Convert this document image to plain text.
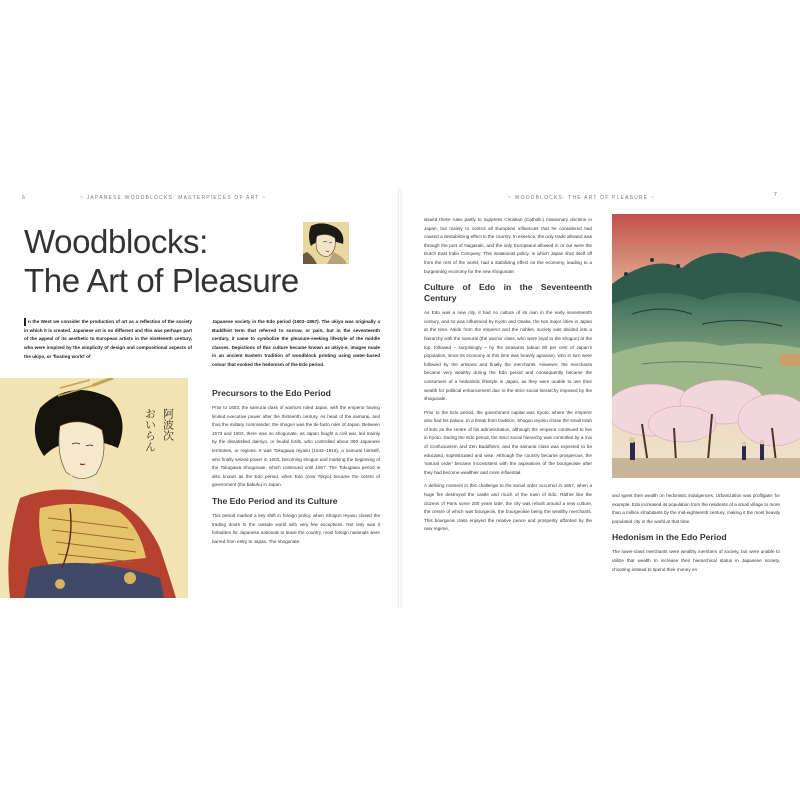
6	~ JAPANESE WOODBLOCKS: MASTERPIECES OF ART ~
Woodblocks:
The Art of Pleasure
n the West we consider the production of art as a reflection of the society in which it is created. Japanese art is no different and this was perhaps part of the appeal of its aesthetic to European artists in the nineteenth century, who were inspired by the simplicity of design and compositional aspects of the ukiyo, or 'floating world' of
Japanese society in the Edo period (1603–1867). The ukiyo was originally a Buddhist term that referred to sorrow, or pain, but in the seventeenth century, it came to symbolize the pleasure-seeking lifestyle of the middle classes. Depictions of this culture became known as ukiyo-e, images made in an ancient Eastern tradition of woodblock printing using water-based colour that evoked the hedonism of the Edo period.
おいらん 阿波次
Precursors to the Edo Period

Prior to 1603, the samurai class of warriors ruled Japan, with the emperor having limited executive power after the thirteenth century. As head of the samurai, and thus the military commander, the shogun was the de facto ruler of Japan. Between 1573 and 1603, there was no shogunate, as Japan fought a civil war, led mainly by the dissatisfied daimyo, or feudal lords, who controlled about 300 Japanese territories, or regions. It was Tokugawa Ieyasu (1543–1616), a samurai himself, who finally seized power in 1603, becoming shogun and marking the beginning of the Tokugawa Shogunate, which continued until 1867. The Tokugawa period is also known as the Edo period, when Edo (now Tokyo) became the centre of government (the bakufu) in Japan.

The Edo Period and its Culture

This period marked a key shift in foreign policy, when Shogun Ieyasu closed the trading doors to the outside world with very few exceptions. Not only was it forbidden for Japanese nationals to leave the country, most foreign nationals were barred from entry to Japan. The shogunate

~ WOODBLOCKS: THE ART OF PLEASURE ~	7

issued these rules partly to suppress Christian (Catholic) missionary doctrine in Japan, but mainly to control all European influences that he considered had caused a destabilizing effect in the country. In essence, the only trade allowed was through the port of Nagasaki, and the only Europeans allowed in or out were the Dutch East India Company. This isolationist policy, in which Japan shut itself off from the rest of the world, had a stabilizing effect on the economy, leading to a burgeoning economy for the new shogunate.

Culture of Edo in the Seventeenth Century

As Edo was a new city, it had no culture of its own in the early seventeenth century, and so was influenced by Kyoto and Osaka, the two major cities in Japan at the time. Aside from the emperor and the nobles, society was divided into a hierarchy with the samurai (the warrior class, who were loyal to the shogun) at the top, followed – surprisingly – by the peasants (about 80 per cent of Japan's population, since its economy at this time was heavily agrarian), who in turn were followed by the artisans and finally the merchants. However, the merchants became very wealthy during the Edo period and consequently became the consumers of a hedonistic lifestyle in Japan, as they were unable to use their wealth for political enhancement due to the strict social hierarchy imposed by the shogunate.

Prior to the Edo period, the government capital was Kyoto, where the emperor also had his palace. In a break from tradition, Shogun Ieyasu chose the small town of Edo as the centre of his administration, although the emperor continued to live in Kyoto. During the Edo period, the strict social hierarchy was controlled by a mix of Confucianism and Zen Buddhism, and the samurai class was expected to be educated, sophisticated and wise. Although the country became prosperous, the 'natural order' became inconsistent with the aspirations of the bourgeoisie after they had become wealthier and more influential.

A defining moment in this challenge to the social order occurred in 1657, when a huge fire destroyed the castle and much of the town of Edo. Rather like the citizens of Paris some 200 years later, the city was rebuilt around a new culture, the centre of which was bourgeois, the bourgeoisie being the wealthy merchants. This bourgeois class enjoyed the relative peace and prosperity afforded by the new regime,

and spent their wealth on hedonistic indulgences. Urbanization was profligate: for example, Edo increased its population from the residents of a small village to more than a million inhabitants by the mid-eighteenth century, making it the most heavily populated city in the world at that time.

Hedonism in the Edo Period

The lower-class merchants were wealthy members of society, but were unable to utilize that wealth to increase their hierarchical status in Japanese society, choosing instead to spend their money on
